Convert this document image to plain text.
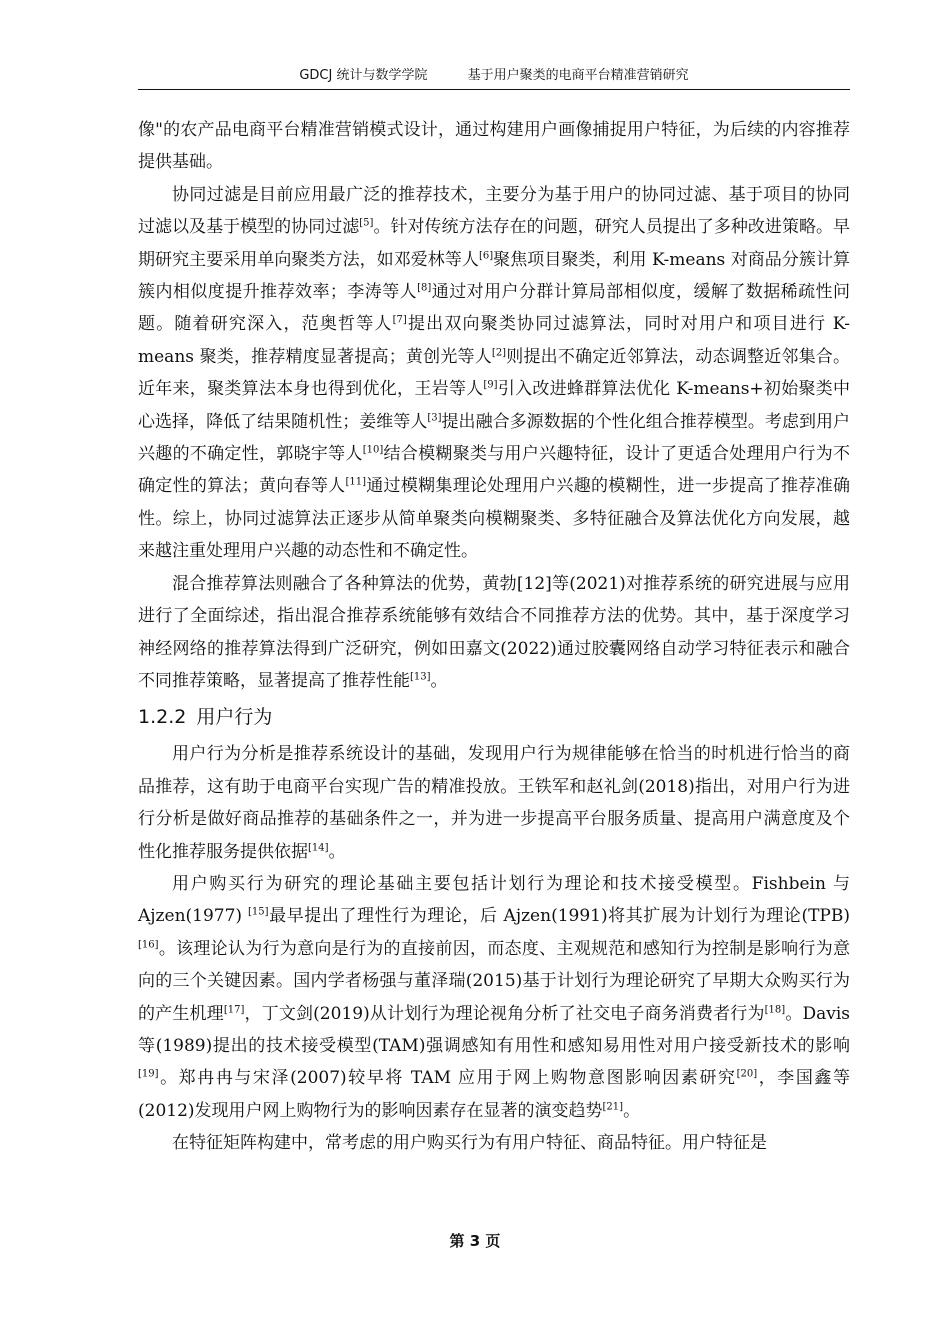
GDCJ 统计与数学学院	基于用户聚类的电商平台精准营销研究

像"的农产品电商平台精准营销模式设计，通过构建用户画像捕捉用户特征，为后续的内容推荐提供基础。

协同过滤是目前应用最广泛的推荐技术，主要分为基于用户的协同过滤、基于项目的协同过滤以及基于模型的协同过滤[5]。针对传统方法存在的问题，研究人员提出了多种改进策略。早期研究主要采用单向聚类方法，如邓爱林等人[6]聚焦项目聚类，利用 K-means 对商品分簇计算簇内相似度提升推荐效率；李涛等人[8]通过对用户分群计算局部相似度，缓解了数据稀疏性问题。随着研究深入，范奥哲等人[7]提出双向聚类协同过滤算法，同时对用户和项目进行 K-means 聚类，推荐精度显著提高；黄创光等人[2]则提出不确定近邻算法，动态调整近邻集合。近年来，聚类算法本身也得到优化，王岩等人[9]引入改进蜂群算法优化 K-means+初始聚类中心选择，降低了结果随机性；姜维等人[3]提出融合多源数据的个性化组合推荐模型。考虑到用户兴趣的不确定性，郭晓宇等人[10]结合模糊聚类与用户兴趣特征，设计了更适合处理用户行为不确定性的算法；黄向春等人[11]通过模糊集理论处理用户兴趣的模糊性，进一步提高了推荐准确性。综上，协同过滤算法正逐步从简单聚类向模糊聚类、多特征融合及算法优化方向发展，越来越注重处理用户兴趣的动态性和不确定性。

混合推荐算法则融合了各种算法的优势，黄勃[12]等(2021)对推荐系统的研究进展与应用进行了全面综述，指出混合推荐系统能够有效结合不同推荐方法的优势。其中，基于深度学习神经网络的推荐算法得到广泛研究，例如田嘉文(2022)通过胶囊网络自动学习特征表示和融合不同推荐策略，显著提高了推荐性能[13]。

1.2.2 用户行为

用户行为分析是推荐系统设计的基础，发现用户行为规律能够在恰当的时机进行恰当的商品推荐，这有助于电商平台实现广告的精准投放。王铁军和赵礼剑(2018)指出，对用户行为进行分析是做好商品推荐的基础条件之一，并为进一步提高平台服务质量、提高用户满意度及个性化推荐服务提供依据[14]。

用户购买行为研究的理论基础主要包括计划行为理论和技术接受模型。Fishbein 与 Ajzen(1977) [15]最早提出了理性行为理论，后 Ajzen(1991)将其扩展为计划行为理论(TPB) [16]。该理论认为行为意向是行为的直接前因，而态度、主观规范和感知行为控制是影响行为意向的三个关键因素。国内学者杨强与董泽瑞(2015)基于计划行为理论研究了早期大众购买行为的产生机理[17]，丁文剑(2019)从计划行为理论视角分析了社交电子商务消费者行为[18]。Davis 等(1989)提出的技术接受模型(TAM)强调感知有用性和感知易用性对用户接受新技术的影响[19]。郑冉冉与宋泽(2007)较早将 TAM 应用于网上购物意图影响因素研究[20]，李国鑫等(2012)发现用户网上购物行为的影响因素存在显著的演变趋势[21]。

在特征矩阵构建中，常考虑的用户购买行为有用户特征、商品特征。用户特征是

第 3 页
